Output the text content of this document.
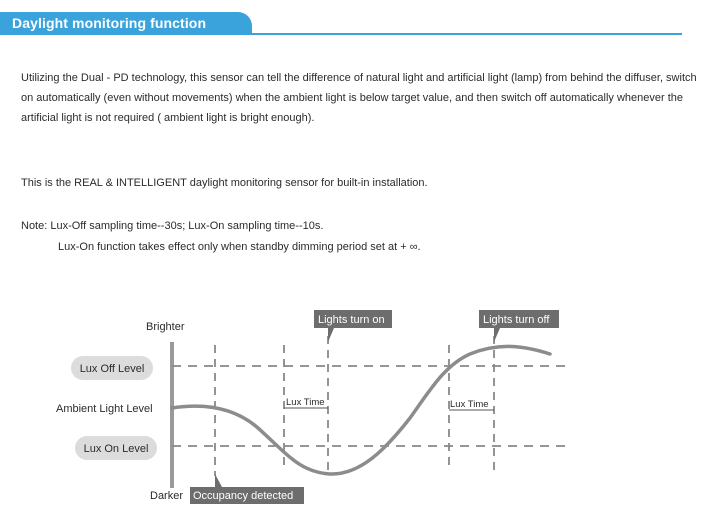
Daylight monitoring function
Utilizing the Dual - PD technology, this sensor can tell the difference of natural light and artificial light (lamp) from behind the diffuser, switch on automatically (even without movements) when the ambient light is below target value, and then switch off automatically whenever the artificial light is not required ( ambient light is bright enough).
This is the REAL & INTELLIGENT daylight monitoring sensor for built-in installation.
Note: Lux-Off sampling time--30s; Lux-On sampling time--10s.
Lux-On function takes effect only when standby dimming period set at + ∞.
Lux Time	Lux Time
Brighter
Ambient Light Level
Darker
Lux Off Level
Lux On Level
Lights turn on	Lights turn off
Occupancy detected
